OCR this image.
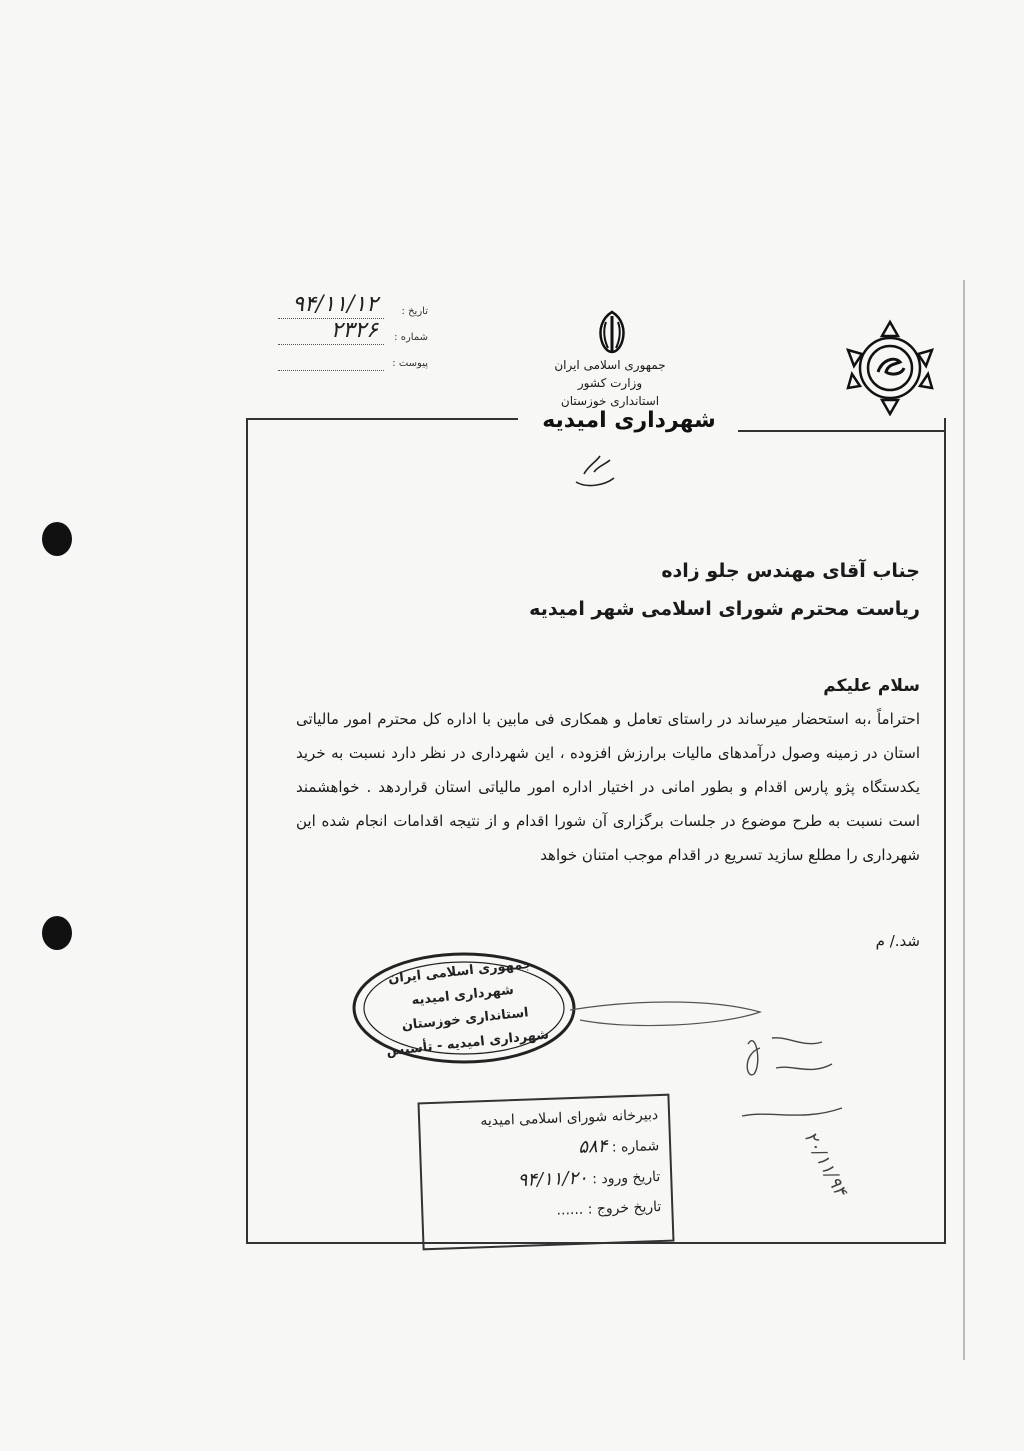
تاریخ :
۹۴/۱۱/۱۲
شماره :
۲۳۲۶
پیوست :	جمهوری اسلامی ایران
وزارت کشور
استانداری خوزستان
شهرداری امیدیه
جناب آقای مهندس جلو زاده
ریاست محترم شورای اسلامی شهر امیدیه
سلام علیکم

احتراماً ،به استحضار میرساند در راستای تعامل و همکاری فی مابین با اداره کل محترم امور مالیاتی استان در زمینه وصول درآمدهای مالیات برارزش افزوده ، این شهرداری در نظر دارد نسبت به خرید یکدستگاه پژو پارس اقدام و بطور امانی در اختیار اداره امور مالیاتی استان قراردهد . خواهشمند است نسبت به طرح موضوع در جلسات برگزاری آن شورا اقدام و از نتیجه اقدامات انجام شده این شهرداری را مطلع سازید تسریع در اقدام موجب امتنان خواهد

شد./ م
جمهوری اسلامی ایران
شهرداری امیدیه
استانداری خوزستان
شهرداری امیدیه - تأسیس
۲۰/۱۱/۹۴
دبیرخانه شورای اسلامی امیدیه
شماره : ۵۸۴
تاریخ ورود : ۹۴/۱۱/۲۰
تاریخ خروج : ......
